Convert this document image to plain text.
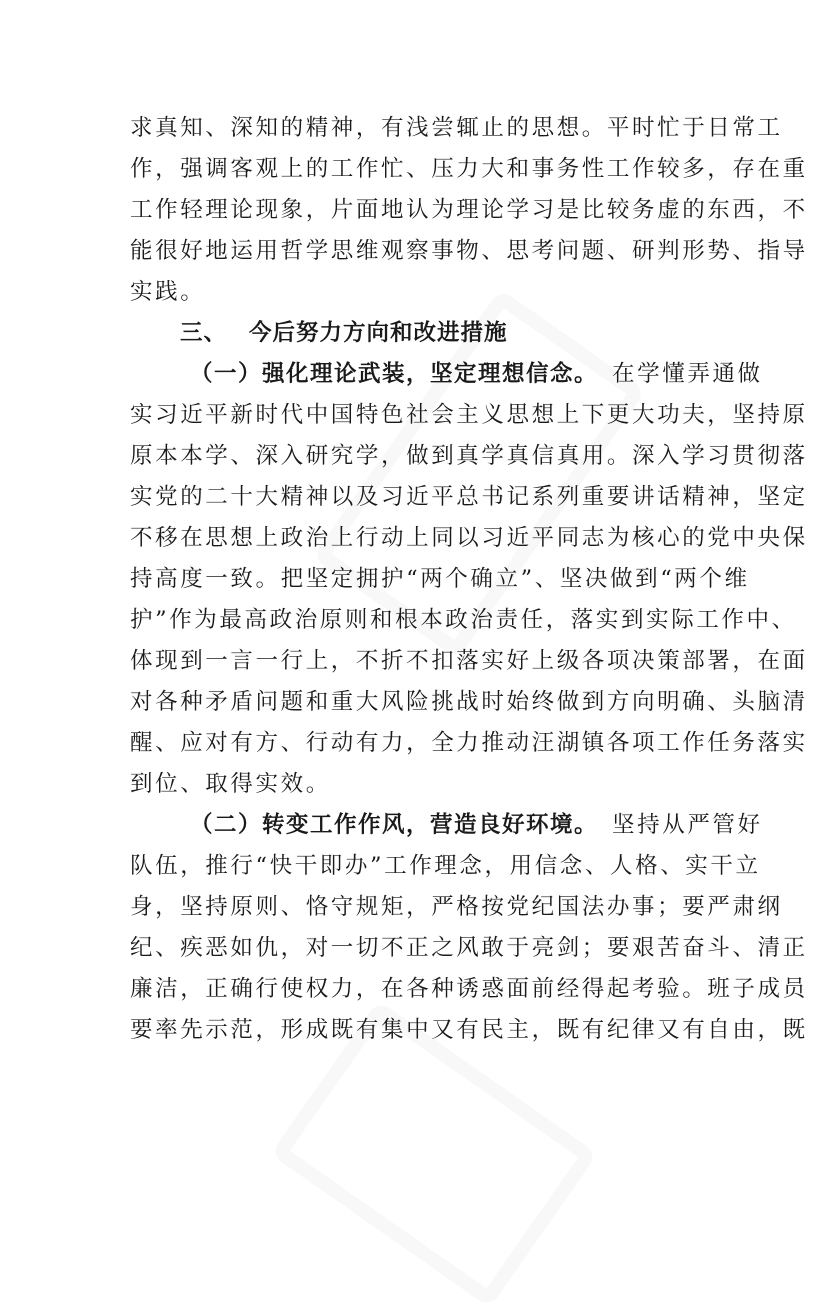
求真知、深知的精神，有浅尝辄止的思想。平时忙于日常工
作，强调客观上的工作忙、压力大和事务性工作较多，存在重
工作轻理论现象，片面地认为理论学习是比较务虚的东西，不
能很好地运用哲学思维观察事物、思考问题、研判形势、指导
实践。
三、 今后努力方向和改进措施
（一）强化理论武装，坚定理想信念。 在学懂弄通做
实习近平新时代中国特色社会主义思想上下更大功夫，坚持原
原本本学、深入研究学，做到真学真信真用。深入学习贯彻落
实党的二十大精神以及习近平总书记系列重要讲话精神，坚定
不移在思想上政治上行动上同以习近平同志为核心的党中央保
持高度一致。把坚定拥护“两个确立”、坚决做到“两个维
护”作为最高政治原则和根本政治责任，落实到实际工作中、
体现到一言一行上，不折不扣落实好上级各项决策部署，在面
对各种矛盾问题和重大风险挑战时始终做到方向明确、头脑清
醒、应对有方、行动有力，全力推动汪湖镇各项工作任务落实
到位、取得实效。
（二）转变工作作风，营造良好环境。 坚持从严管好
队伍，推行“快干即办”工作理念，用信念、人格、实干立
身，坚持原则、恪守规矩，严格按党纪国法办事；要严肃纲
纪、疾恶如仇，对一切不正之风敢于亮剑；要艰苦奋斗、清正
廉洁，正确行使权力，在各种诱惑面前经得起考验。班子成员
要率先示范，形成既有集中又有民主，既有纪律又有自由，既
